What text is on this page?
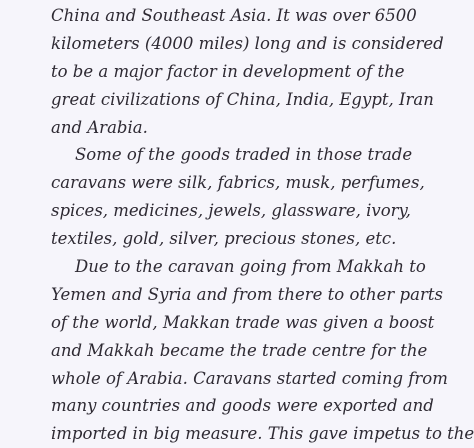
China and Southeast Asia. It was over 6500
kilometers (4000 miles) long and is considered
to be a major factor in development of the
great civilizations of China, India, Egypt, Iran
and Arabia.
Some of the goods traded in those trade
caravans were silk, fabrics, musk, perfumes,
spices, medicines, jewels, glassware, ivory,
textiles, gold, silver, precious stones, etc.
Due to the caravan going from Makkah to
Yemen and Syria and from there to other parts
of the world, Makkan trade was given a boost
and Makkah became the trade centre for the
whole of Arabia. Caravans started coming from
many countries and goods were exported and
imported in big measure. This gave impetus to the
